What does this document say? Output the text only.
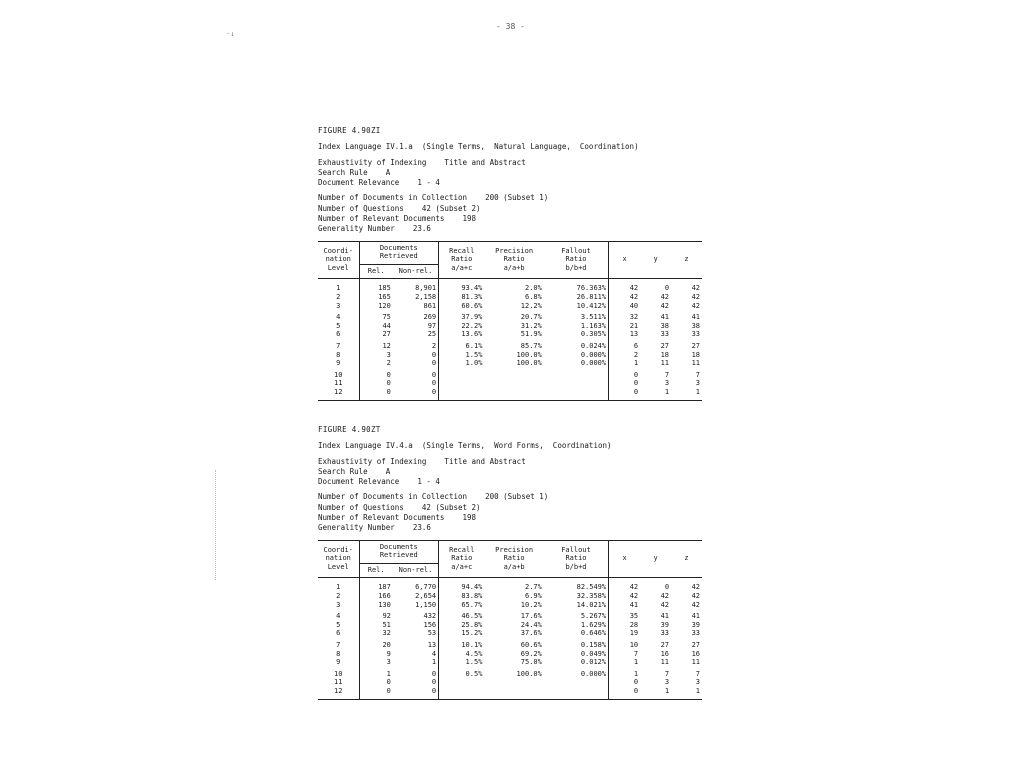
- 38 -
·↓
FIGURE 4.90ZI
Index Language IV.1.a  (Single Terms,  Natural Language,  Coordination)
Exhaustivity of Indexing    Title and Abstract
Search Rule    A
Document Relevance    1 - 4
Number of Documents in Collection    200 (Subset 1)
Number of Questions    42 (Subset 2)
Number of Relevant Documents    198
Generality Number    23.6
Coordi-
nation
Level	Documents
Retrieved		Recall
Ratio
a/a+c	Precision
Ratio
a/a+b	Fallout
Ratio
b/b+d	x	y	z
	Rel.	Non-rel.						
1	185	8,901	93.4%	2.0%	76.363%	42	0	42
2	165	2,158	81.3%	6.8%	26.811%	42	42	42
3	120	861	60.6%	12.2%	10.412%	40	42	42
4	75	269	37.9%	20.7%	3.511%	32	41	41
5	44	97	22.2%	31.2%	1.163%	21	38	38
6	27	25	13.6%	51.9%	0.305%	13	33	33
7	12	2	6.1%	85.7%	0.024%	6	27	27
8	3	0	1.5%	100.0%	0.000%	2	18	18
9	2	0	1.0%	100.0%	0.000%	1	11	11
10	0	0				0	7	7
11	0	0				0	3	3
12	0	0				0	1	1
FIGURE 4.90ZT
Index Language IV.4.a  (Single Terms,  Word Forms,  Coordination)
Exhaustivity of Indexing    Title and Abstract
Search Rule    A
Document Relevance    1 - 4
Number of Documents in Collection    200 (Subset 1)
Number of Questions    42 (Subset 2)
Number of Relevant Documents    198
Generality Number    23.6
Coordi-
nation
Level	Documents
Retrieved		Recall
Ratio
a/a+c	Precision
Ratio
a/a+b	Fallout
Ratio
b/b+d	x	y	z
	Rel.	Non-rel.						
1	187	6,770	94.4%	2.7%	82.549%	42	0	42
2	166	2,654	83.8%	6.9%	32.358%	42	42	42
3	130	1,150	65.7%	10.2%	14.021%	41	42	42
4	92	432	46.5%	17.6%	5.267%	35	41	41
5	51	156	25.8%	24.4%	1.629%	28	39	39
6	32	53	15.2%	37.6%	0.646%	19	33	33
7	20	13	10.1%	60.6%	0.158%	10	27	27
8	9	4	4.5%	69.2%	0.049%	7	16	16
9	3	1	1.5%	75.0%	0.012%	1	11	11
10	1	0	0.5%	100.0%	0.000%	1	7	7
11	0	0				0	3	3
12	0	0				0	1	1
